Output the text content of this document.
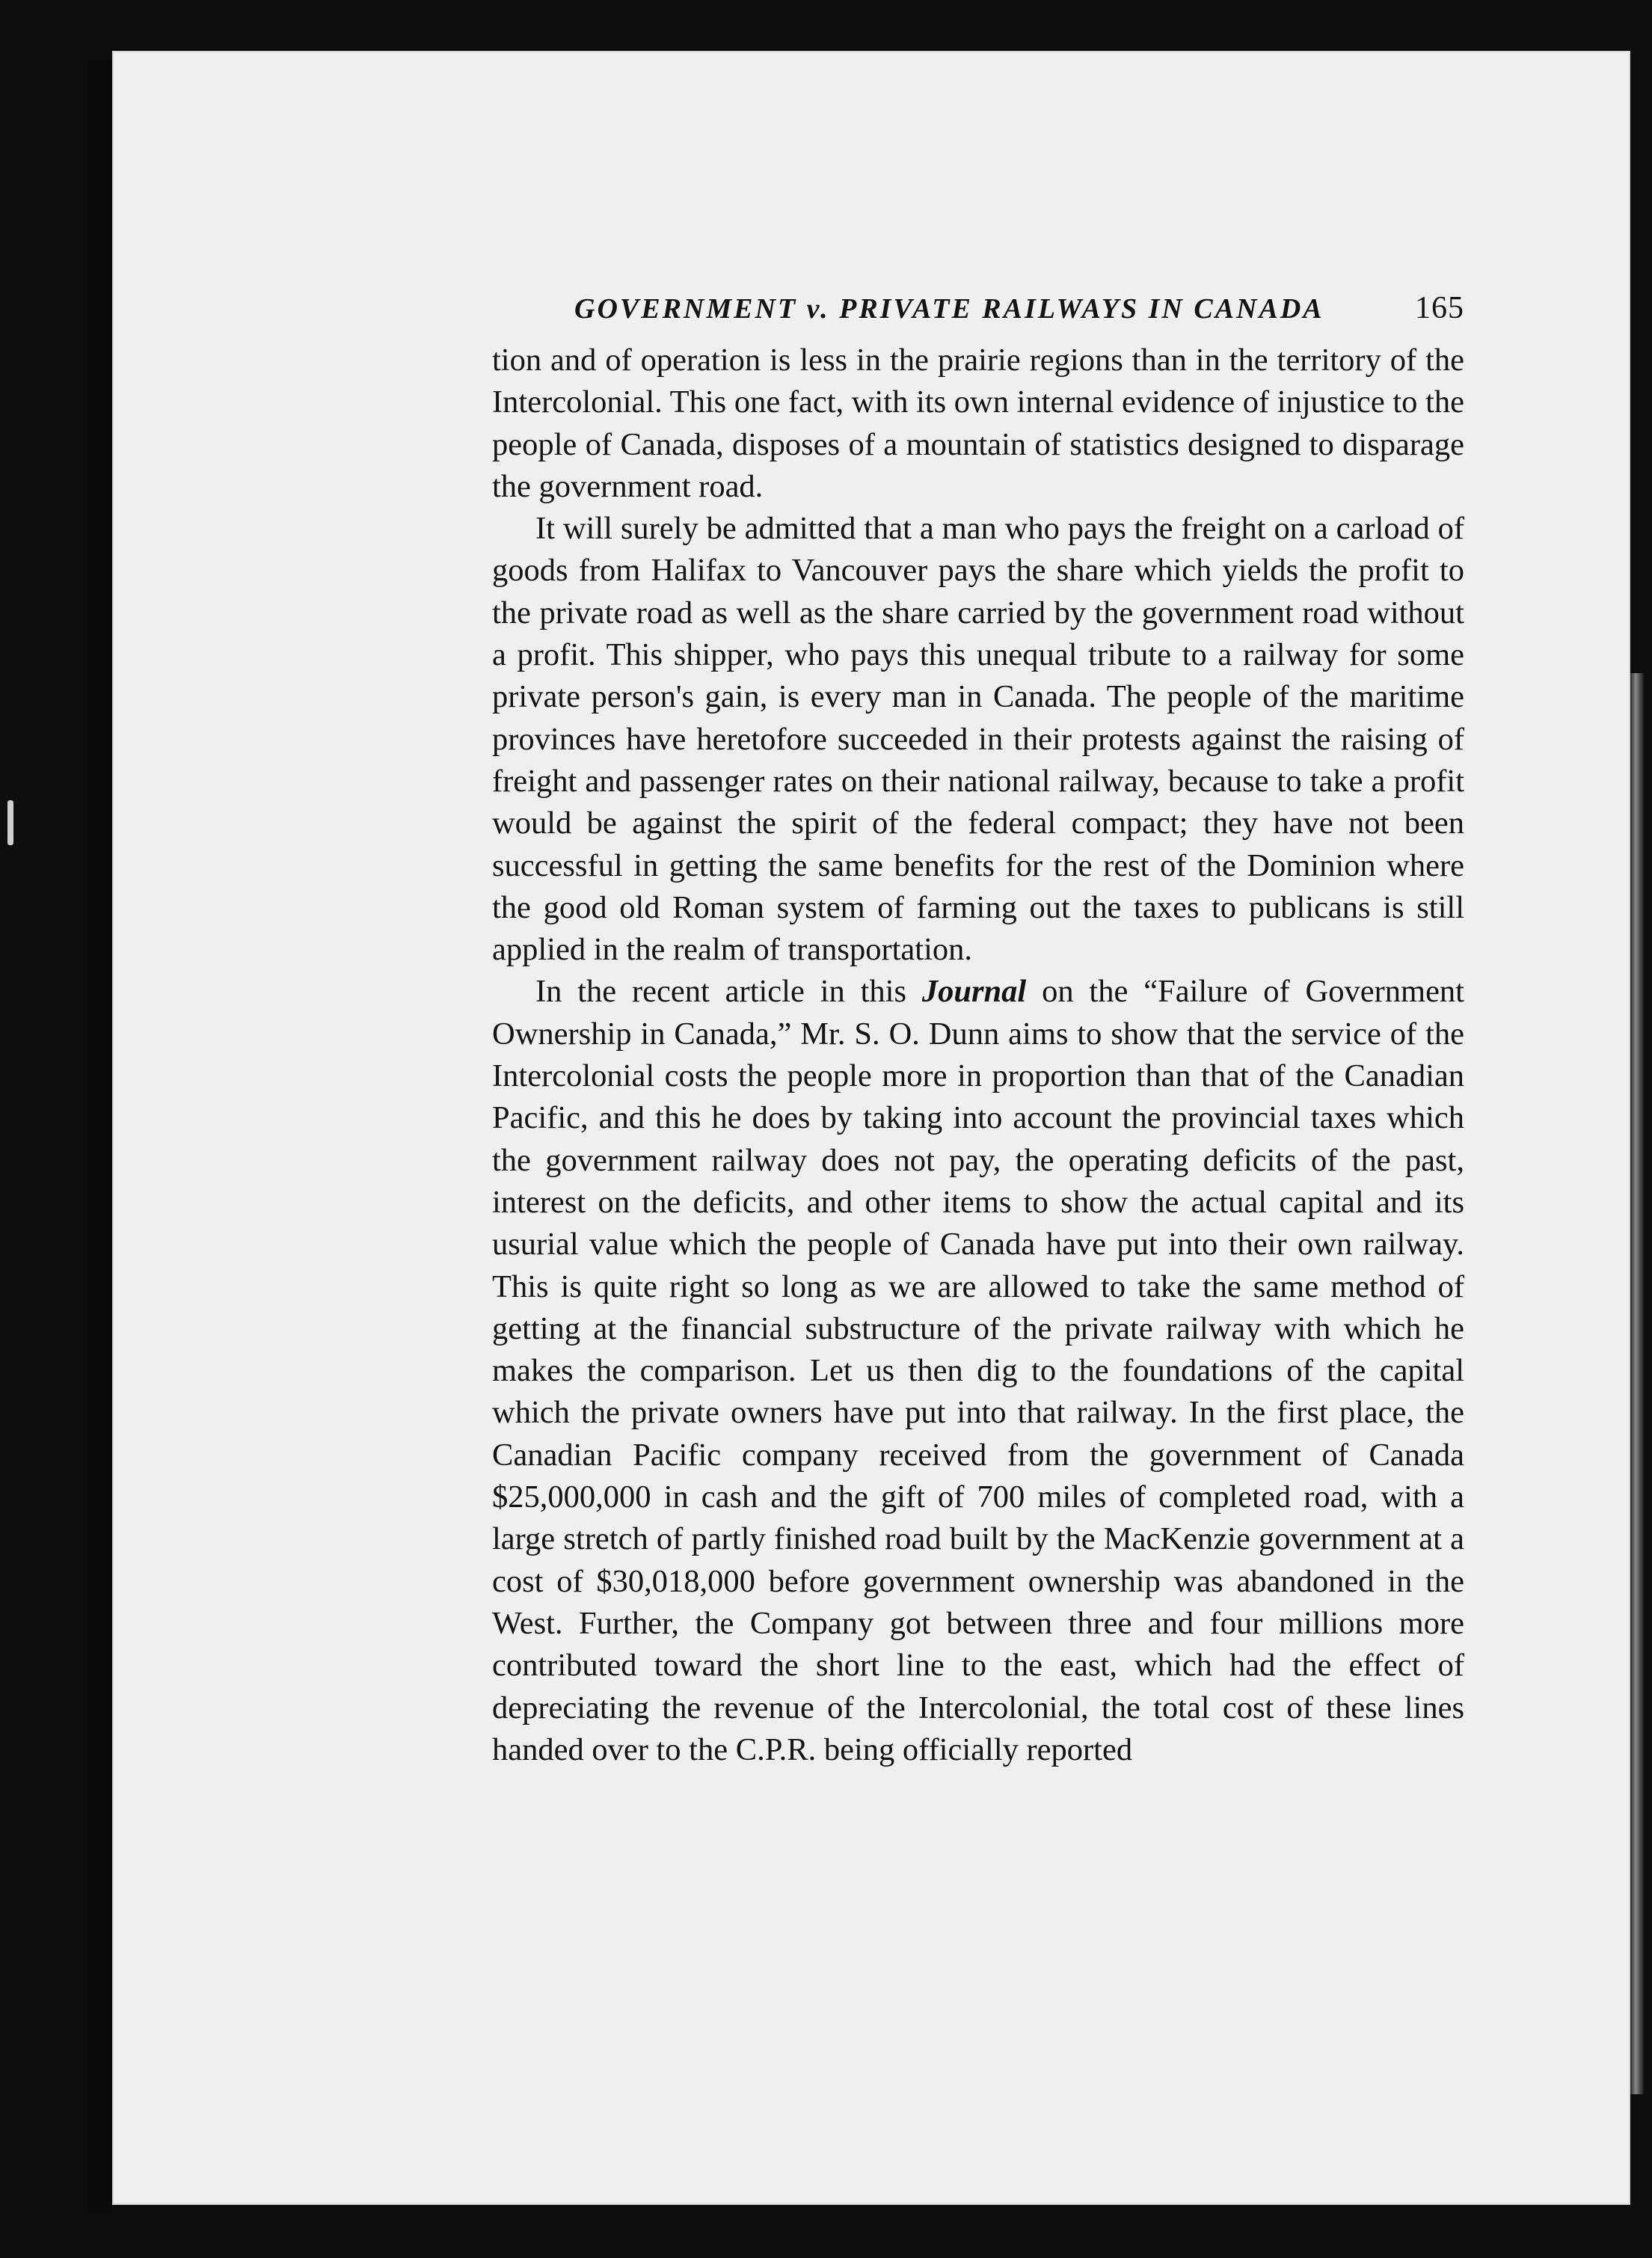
GOVERNMENT v. PRIVATE RAILWAYS IN CANADA	165

tion and of operation is less in the prairie regions than in the territory of the Intercolonial. This one fact, with its own internal evidence of injustice to the people of Canada, disposes of a mountain of statistics designed to disparage the government road.

It will surely be admitted that a man who pays the freight on a carload of goods from Halifax to Vancouver pays the share which yields the profit to the private road as well as the share carried by the government road without a profit. This shipper, who pays this unequal tribute to a railway for some private person's gain, is every man in Canada. The people of the maritime provinces have heretofore succeeded in their protests against the raising of freight and passenger rates on their national railway, because to take a profit would be against the spirit of the federal compact; they have not been successful in getting the same benefits for the rest of the Dominion where the good old Roman system of farming out the taxes to publicans is still applied in the realm of transportation.

In the recent article in this Journal on the “Failure of Government Ownership in Canada,” Mr. S. O. Dunn aims to show that the service of the Intercolonial costs the people more in proportion than that of the Canadian Pacific, and this he does by taking into account the provincial taxes which the government railway does not pay, the operating deficits of the past, interest on the deficits, and other items to show the actual capital and its usurial value which the people of Canada have put into their own railway. This is quite right so long as we are allowed to take the same method of getting at the financial substructure of the private railway with which he makes the comparison. Let us then dig to the foundations of the capital which the private owners have put into that railway. In the first place, the Canadian Pacific company received from the government of Canada $25,000,000 in cash and the gift of 700 miles of completed road, with a large stretch of partly finished road built by the MacKenzie government at a cost of $30,018,000 before government ownership was abandoned in the West. Further, the Company got between three and four millions more contributed toward the short line to the east, which had the effect of depreciating the revenue of the Intercolonial, the total cost of these lines handed over to the C.P.R. being officially reported
